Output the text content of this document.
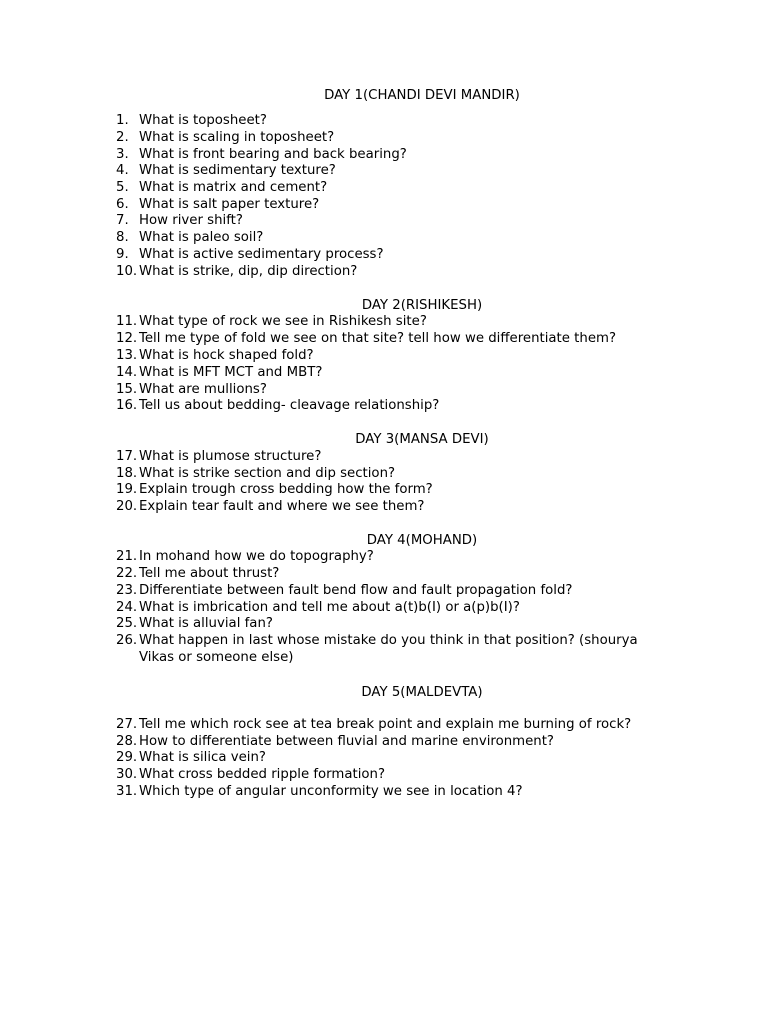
DAY 1(CHANDI DEVI MANDIR)
1. What is toposheet?
2. What is scaling in toposheet?
3. What is front bearing and back bearing?
4. What is sedimentary texture?
5. What is matrix and cement?
6. What is salt paper texture?
7. How river shift?
8. What is paleo soil?
9. What is active sedimentary process?
10. What is strike, dip, dip direction?
DAY 2(RISHIKESH)
11. What type of rock we see in Rishikesh site?
12. Tell me type of fold we see on that site? tell how we differentiate them?
13. What is hock shaped fold?
14. What is MFT MCT and MBT?
15. What are mullions?
16. Tell us about bedding- cleavage relationship?
DAY 3(MANSA DEVI)
17. What is plumose structure?
18. What is strike section and dip section?
19. Explain trough cross bedding how the form?
20. Explain tear fault and where we see them?
DAY 4(MOHAND)
21. In mohand how we do topography?
22. Tell me about thrust?
23. Differentiate between fault bend flow and fault propagation fold?
24. What is imbrication and tell me about a(t)b(I) or a(p)b(I)?
25. What is alluvial fan?
26. What happen in last whose mistake do you think in that position? (shourya Vikas or someone else)
DAY 5(MALDEVTA)
27. Tell me which rock see at tea break point and explain me burning of rock?
28. How to differentiate between fluvial and marine environment?
29. What is silica vein?
30. What cross bedded ripple formation?
31. Which type of angular unconformity we see in location 4?
